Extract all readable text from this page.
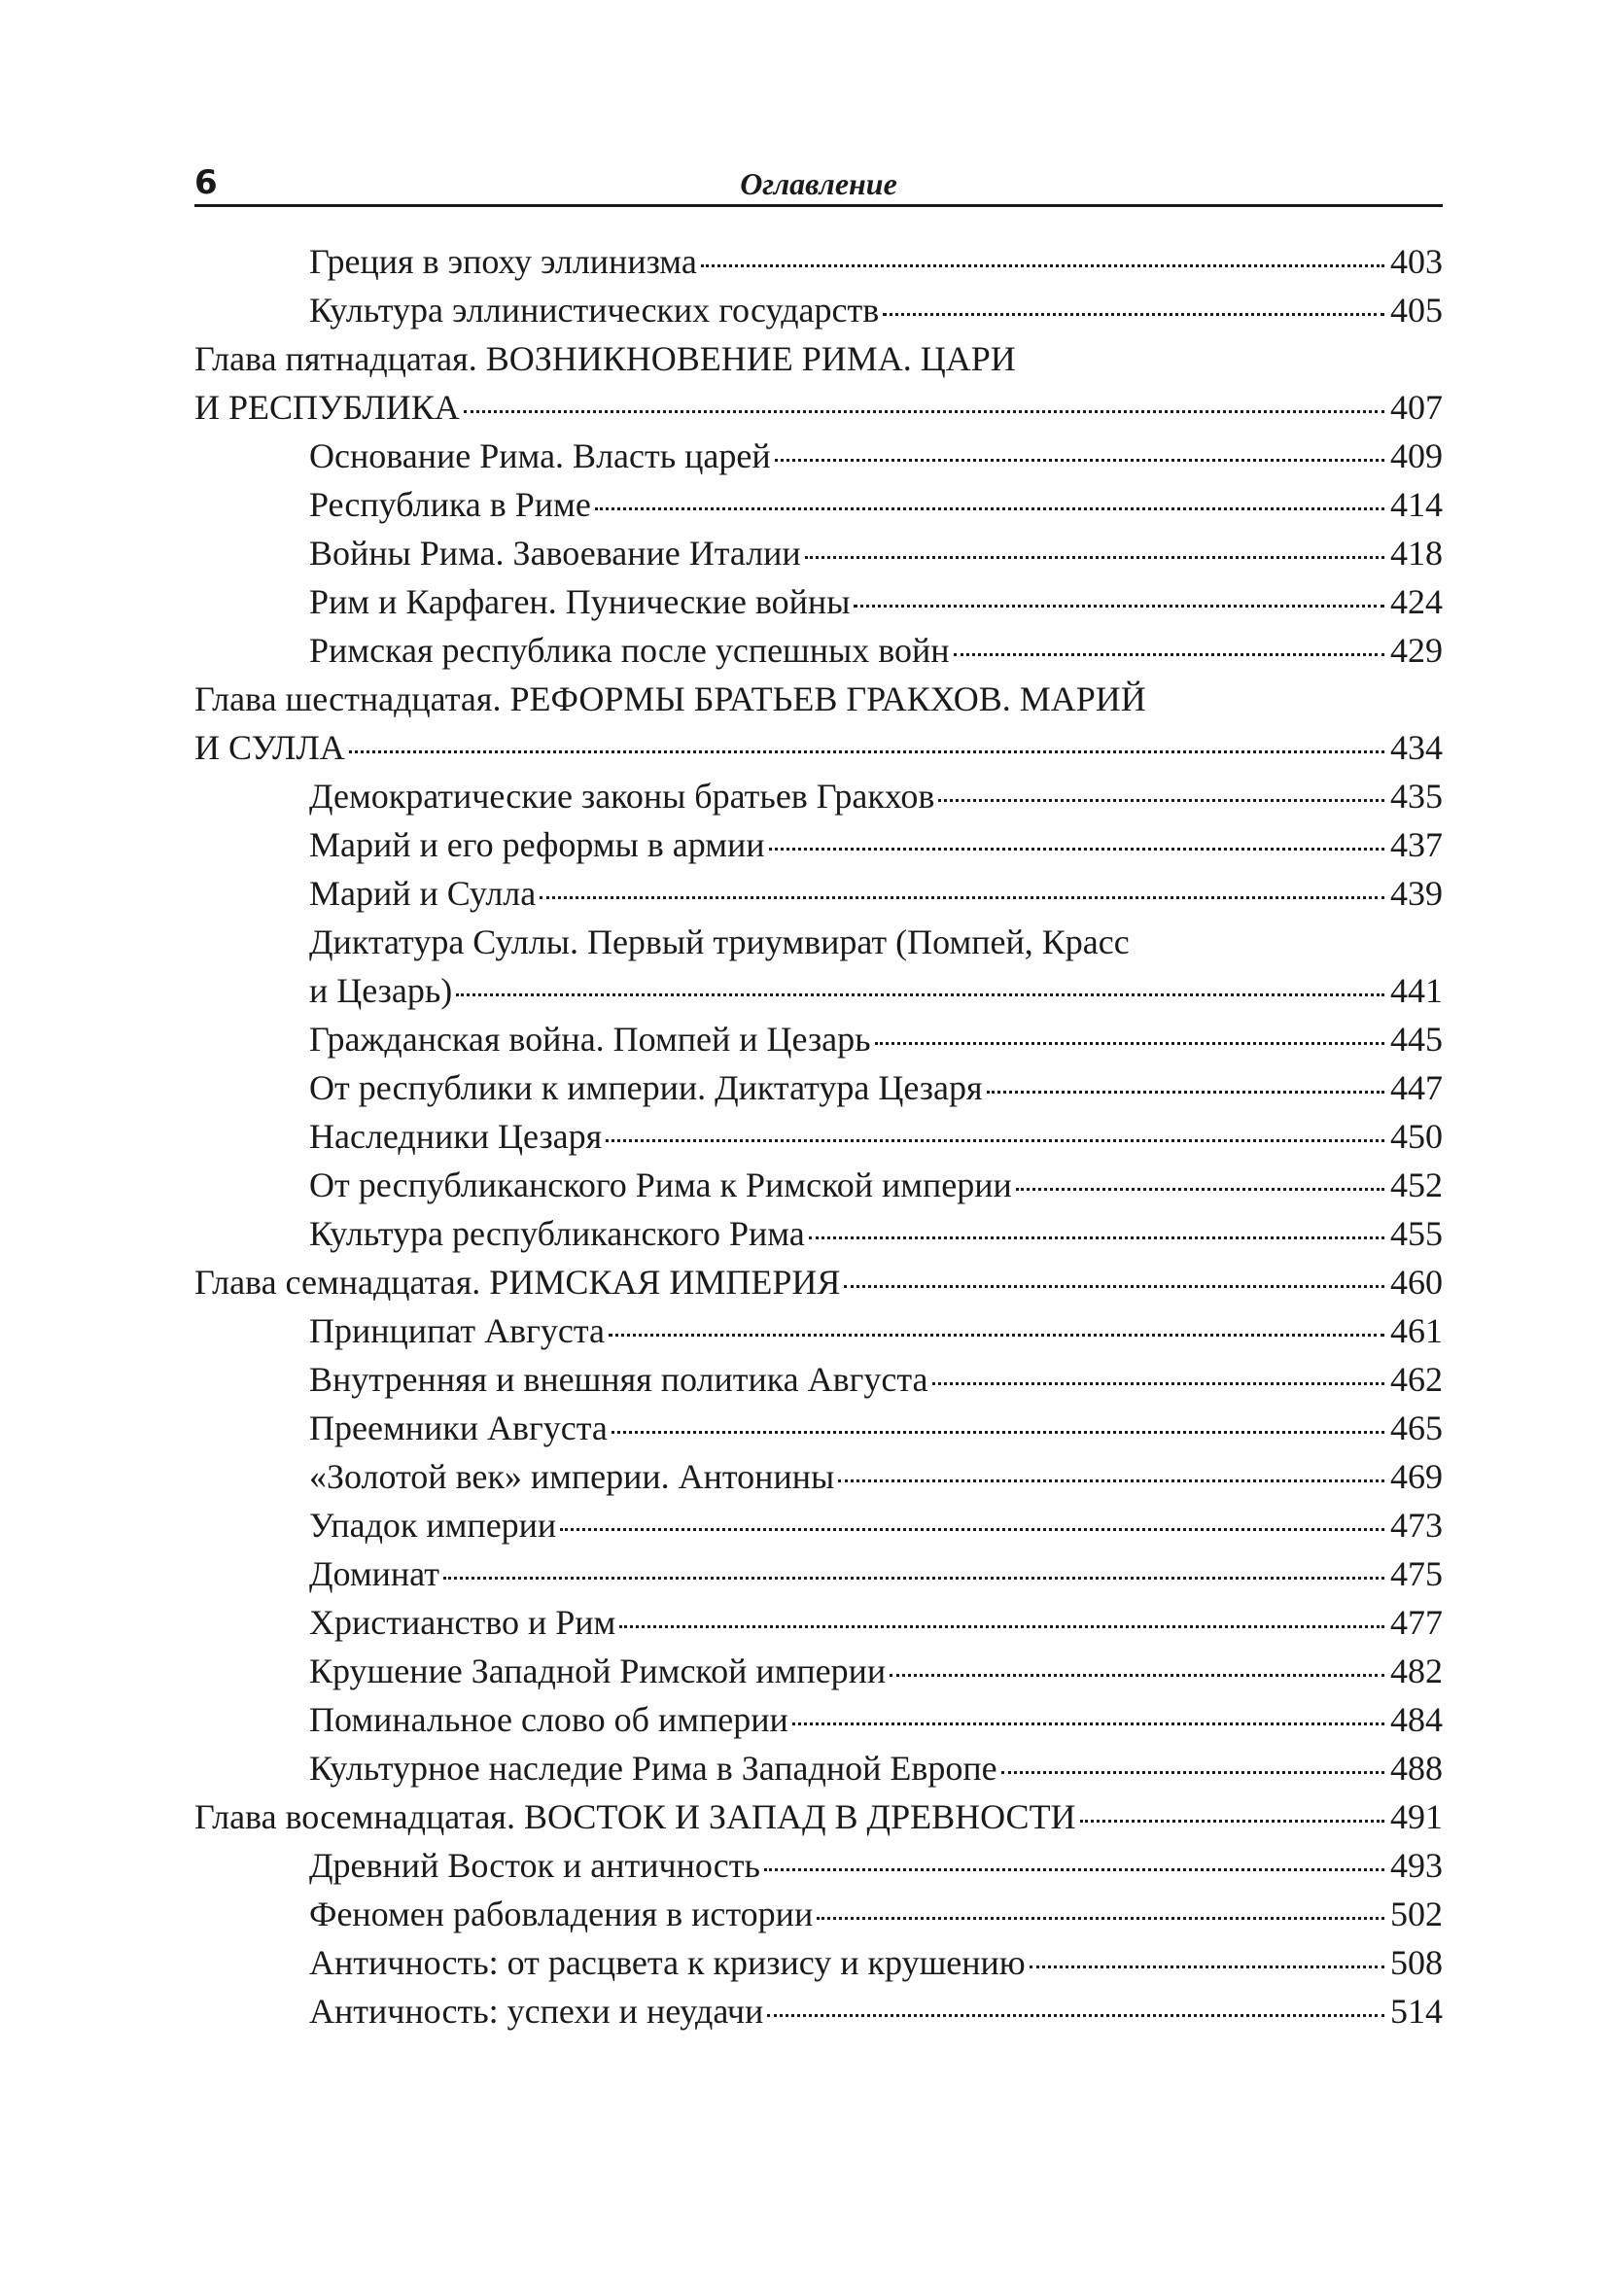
6	Оглавление
Греция в эпоху эллинизма	403
Культура эллинистических государств	405
Глава пятнадцатая. ВОЗНИКНОВЕНИЕ РИМА. ЦАРИ
И РЕСПУБЛИКА	407
Основание Рима. Власть царей	409
Республика в Риме	414
Войны Рима. Завоевание Италии	418
Рим и Карфаген. Пунические войны	424
Римская республика после успешных войн	429
Глава шестнадцатая. РЕФОРМЫ БРАТЬЕВ ГРАКХОВ. МАРИЙ
И СУЛЛА	434
Демократические законы братьев Гракхов	435
Марий и его реформы в армии	437
Марий и Сулла	439
Диктатура Суллы. Первый триумвират (Помпей, Красс
и Цезарь)	441
Гражданская война. Помпей и Цезарь	445
От республики к империи. Диктатура Цезаря	447
Наследники Цезаря	450
От республиканского Рима к Римской империи	452
Культура республиканского Рима	455
Глава семнадцатая. РИМСКАЯ ИМПЕРИЯ	460
Принципат Августа	461
Внутренняя и внешняя политика Августа	462
Преемники Августа	465
«Золотой век» империи. Антонины	469
Упадок империи	473
Доминат	475
Христианство и Рим	477
Крушение Западной Римской империи	482
Поминальное слово об империи	484
Культурное наследие Рима в Западной Европе	488
Глава восемнадцатая. ВОСТОК И ЗАПАД В ДРЕВНОСТИ	491
Древний Восток и античность	493
Феномен рабовладения в истории	502
Античность: от расцвета к кризису и крушению	508
Античность: успехи и неудачи	514
